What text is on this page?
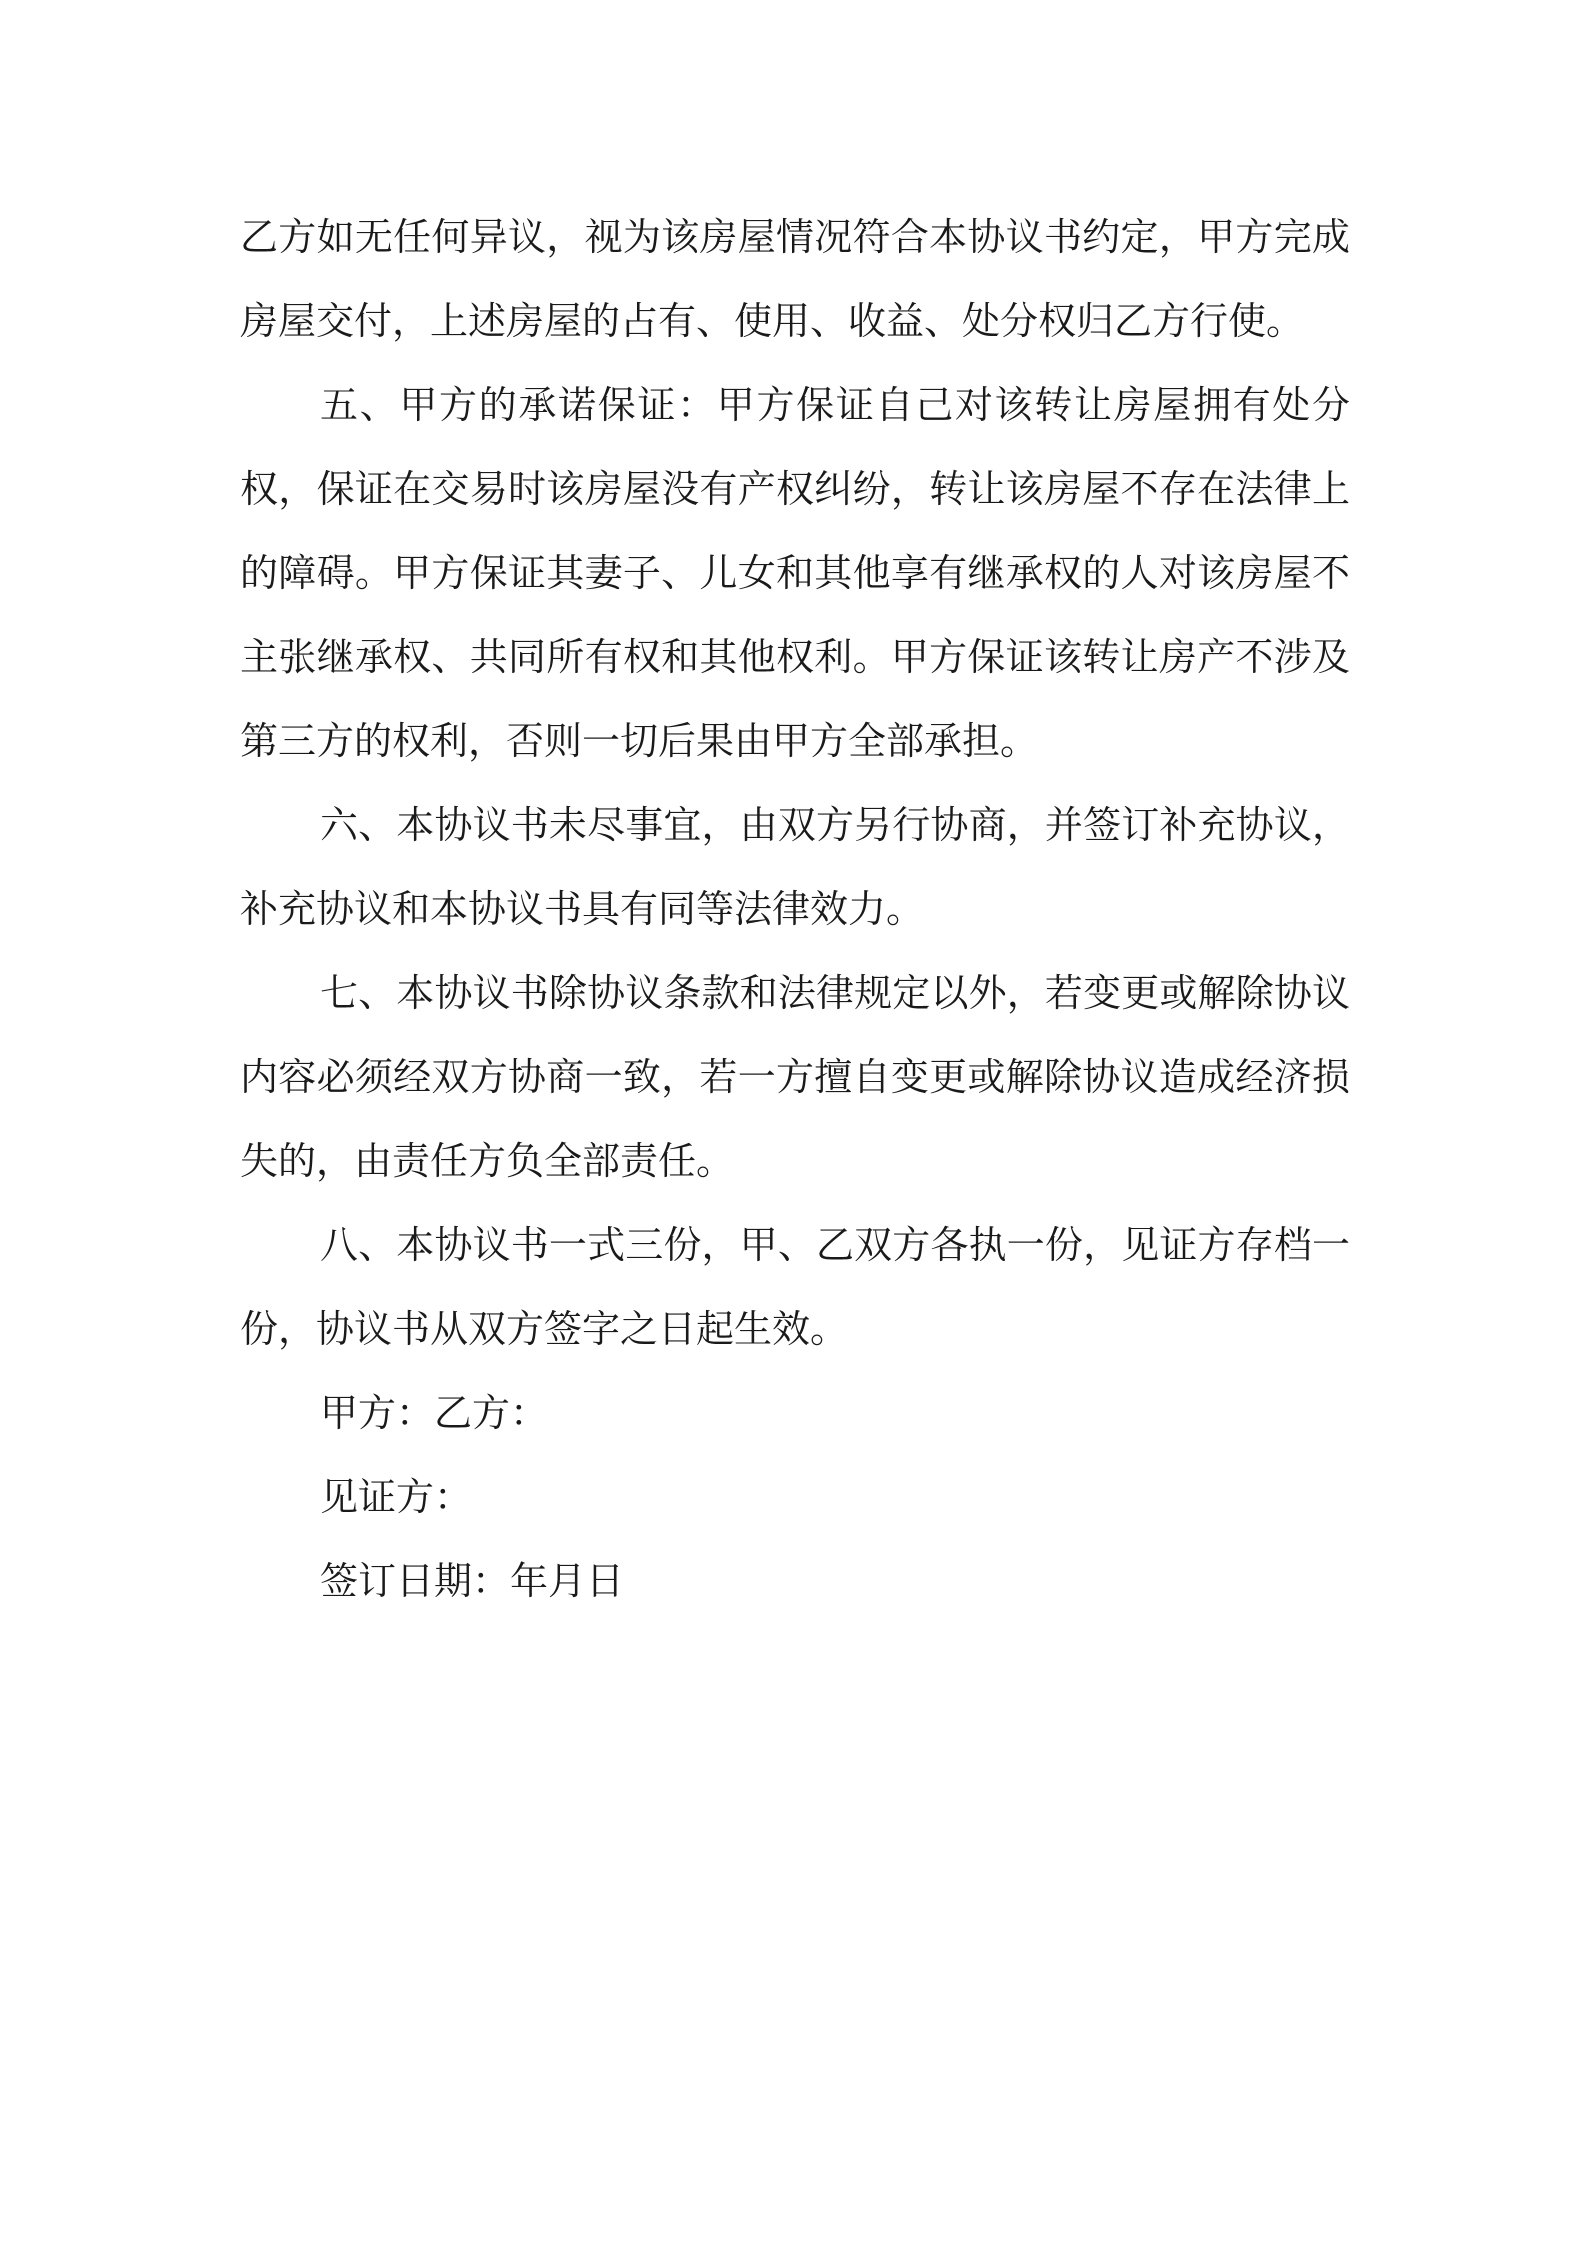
乙方如无任何异议，视为该房屋情况符合本协议书约定，甲方完成房屋交付，上述房屋的占有、使用、收益、处分权归乙方行使。

五、甲方的承诺保证：甲方保证自己对该转让房屋拥有处分权，保证在交易时该房屋没有产权纠纷，转让该房屋不存在法律上的障碍。甲方保证其妻子、儿女和其他享有继承权的人对该房屋不主张继承权、共同所有权和其他权利。甲方保证该转让房产不涉及第三方的权利，否则一切后果由甲方全部承担。

六、本协议书未尽事宜，由双方另行协商，并签订补充协议，补充协议和本协议书具有同等法律效力。

七、本协议书除协议条款和法律规定以外，若变更或解除协议内容必须经双方协商一致，若一方擅自变更或解除协议造成经济损失的，由责任方负全部责任。

八、本协议书一式三份，甲、乙双方各执一份，见证方存档一份，协议书从双方签字之日起生效。

甲方：乙方：

见证方：

签订日期：年月日
